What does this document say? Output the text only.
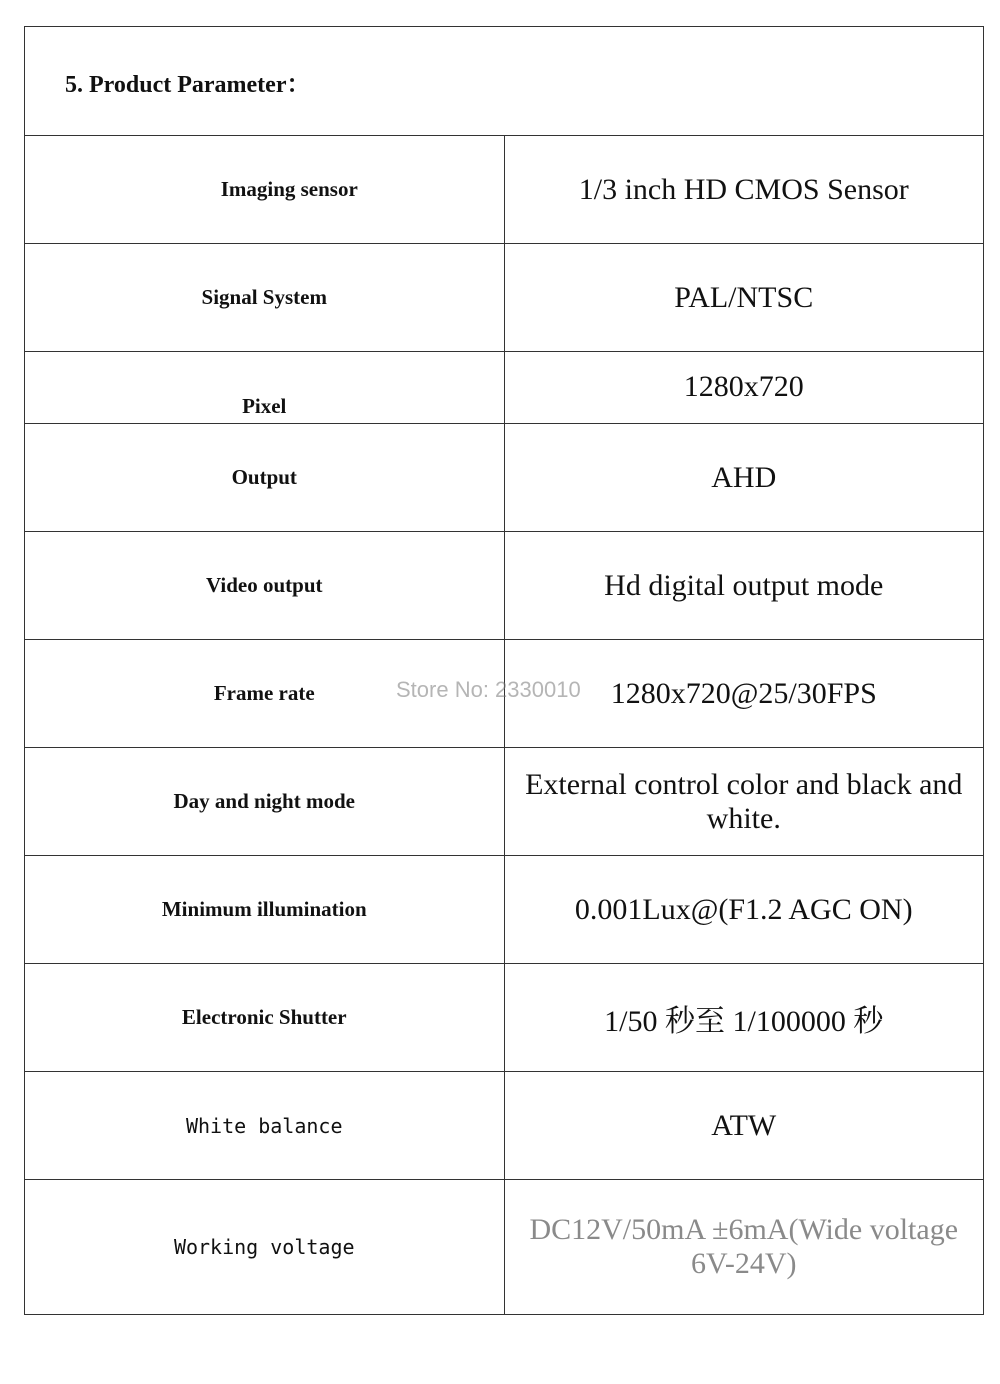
5. Product Parameter：	
Imaging sensor	1/3 inch HD CMOS Sensor
Signal System	PAL/NTSC
Pixel	1280x720
Output	AHD
Video output	Hd digital output mode
Frame rate	1280x720@25/30FPS
Day and night mode	External control color and black and white.
Minimum illumination	0.001Lux@(F1.2 AGC ON)
Electronic Shutter	1/50 秒至 1/100000 秒
White balance	ATW
Working voltage	DC12V/50mA ±6mA(Wide voltage 6V-24V)
Store No: 2330010
